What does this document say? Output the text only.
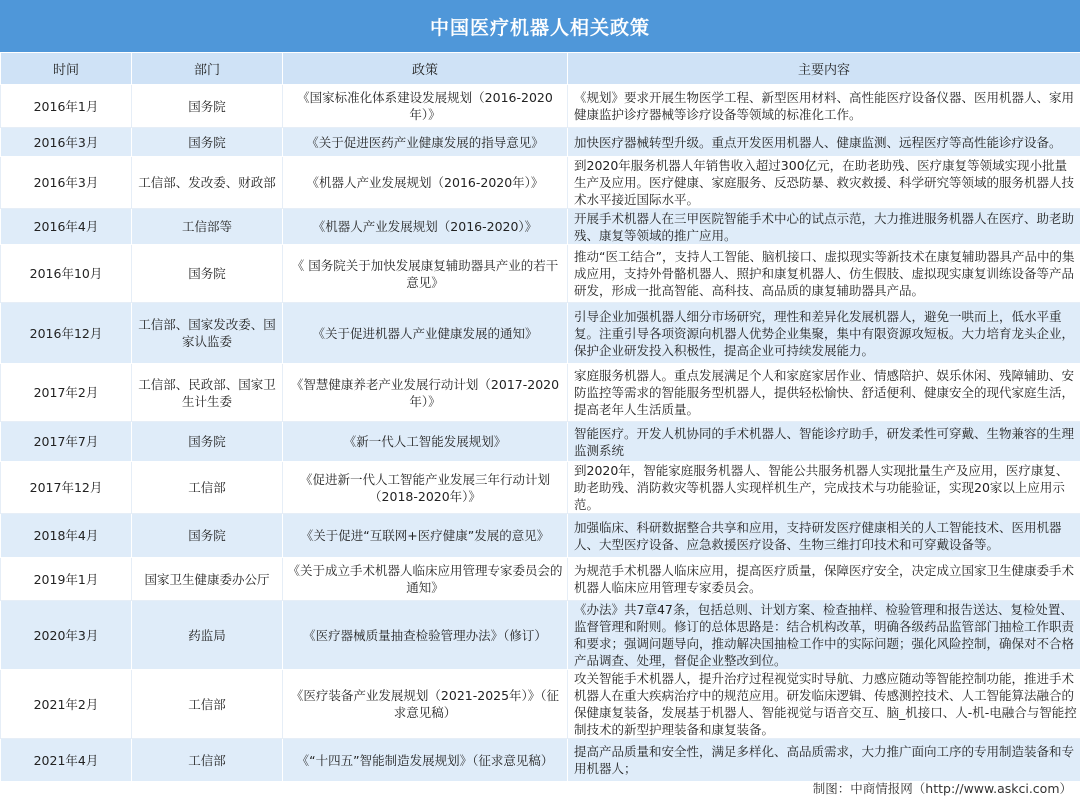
中国医疗机器人相关政策
时间	部门	政策	主要内容
2016年1月	国务院	《国家标准化体系建设发展规划（2016-2020年）》	《规划》要求开展生物医学工程、新型医用材料、高性能医疗设备仪器、医用机器人、家用健康监护诊疗器械等诊疗设备等领域的标准化工作。
2016年3月	国务院	《关于促进医药产业健康发展的指导意见》	加快医疗器械转型升级。重点开发医用机器人、健康监测、远程医疗等高性能诊疗设备。
2016年3月	工信部、发改委、财政部	《机器人产业发展规划（2016-2020年）》	到2020年服务机器人年销售收入超过300亿元，在助老助残、医疗康复等领域实现小批量生产及应用。医疗健康、家庭服务、反恐防暴、救灾救援、科学研究等领域的服务机器人技术水平接近国际水平。
2016年4月	工信部等	《机器人产业发展规划（2016-2020）》	开展手术机器人在三甲医院智能手术中心的试点示范，大力推进服务机器人在医疗、助老助残、康复等领域的推广应用。
2016年10月	国务院	《 国务院关于加快发展康复辅助器具产业的若干意见》	推动“医工结合”，支持人工智能、脑机接口、虚拟现实等新技术在康复辅助器具产品中的集成应用，支持外骨骼机器人、照护和康复机器人、仿生假肢、虚拟现实康复训练设备等产品研发，形成一批高智能、高科技、高品质的康复辅助器具产品。
2016年12月	工信部、国家发改委、国家认监委	《关于促进机器人产业健康发展的通知》	引导企业加强机器人细分市场研究，理性和差异化发展机器人，避免一哄而上，低水平重复。注重引导各项资源向机器人优势企业集聚，集中有限资源攻短板。大力培育龙头企业，保护企业研发投入积极性，提高企业可持续发展能力。
2017年2月	工信部、民政部、国家卫生计生委	《智慧健康养老产业发展行动计划（2017-2020年）》	家庭服务机器人。重点发展满足个人和家庭家居作业、情感陪护、娱乐休闲、残障辅助、安防监控等需求的智能服务型机器人，提供轻松愉快、舒适便利、健康安全的现代家庭生活，提高老年人生活质量。
2017年7月	国务院	《新一代人工智能发展规划》	智能医疗。开发人机协同的手术机器人、智能诊疗助手，研发柔性可穿戴、生物兼容的生理监测系统
2017年12月	工信部	《促进新一代人工智能产业发展三年行动计划（2018-2020年）》	到2020年，智能家庭服务机器人、智能公共服务机器人实现批量生产及应用，医疗康复、助老助残、消防救灾等机器人实现样机生产，完成技术与功能验证，实现20家以上应用示范。
2018年4月	国务院	《关于促进“互联网+医疗健康”发展的意见》	加强临床、科研数据整合共享和应用，支持研发医疗健康相关的人工智能技术、医用机器人、大型医疗设备、应急救援医疗设备、生物三维打印技术和可穿戴设备等。
2019年1月	国家卫生健康委办公厅	《关于成立手术机器人临床应用管理专家委员会的通知》	为规范手术机器人临床应用，提高医疗质量，保障医疗安全，决定成立国家卫生健康委手术机器人临床应用管理专家委员会。
2020年3月	药监局	《医疗器械质量抽查检验管理办法》（修订）	《办法》共7章47条，包括总则、计划方案、检查抽样、检验管理和报告送达、复检处置、监督管理和附则。修订的总体思路是：结合机构改革，明确各级药品监管部门抽检工作职责和要求；强调问题导向，推动解决国抽检工作中的实际问题；强化风险控制，确保对不合格产品调查、处理，督促企业整改到位。
2021年2月	工信部	《医疗装备产业发展规划（2021-2025年）》（征求意见稿）	攻关智能手术机器人，提升治疗过程视觉实时导航、力感应随动等智能控制功能，推进手术机器人在重大疾病治疗中的规范应用。研发临床逻辑、传感测控技术、人工智能算法融合的保健康复装备，发展基于机器人、智能视觉与语音交互、脑_机接口、人-机-电融合与智能控制技术的新型护理装备和康复装备。
2021年4月	工信部	《“十四五”智能制造发展规划》（征求意见稿）	提高产品质量和安全性，满足多样化、高品质需求，大力推广面向工序的专用制造装备和专用机器人；
制图：中商情报网（http://www.askci.com）
